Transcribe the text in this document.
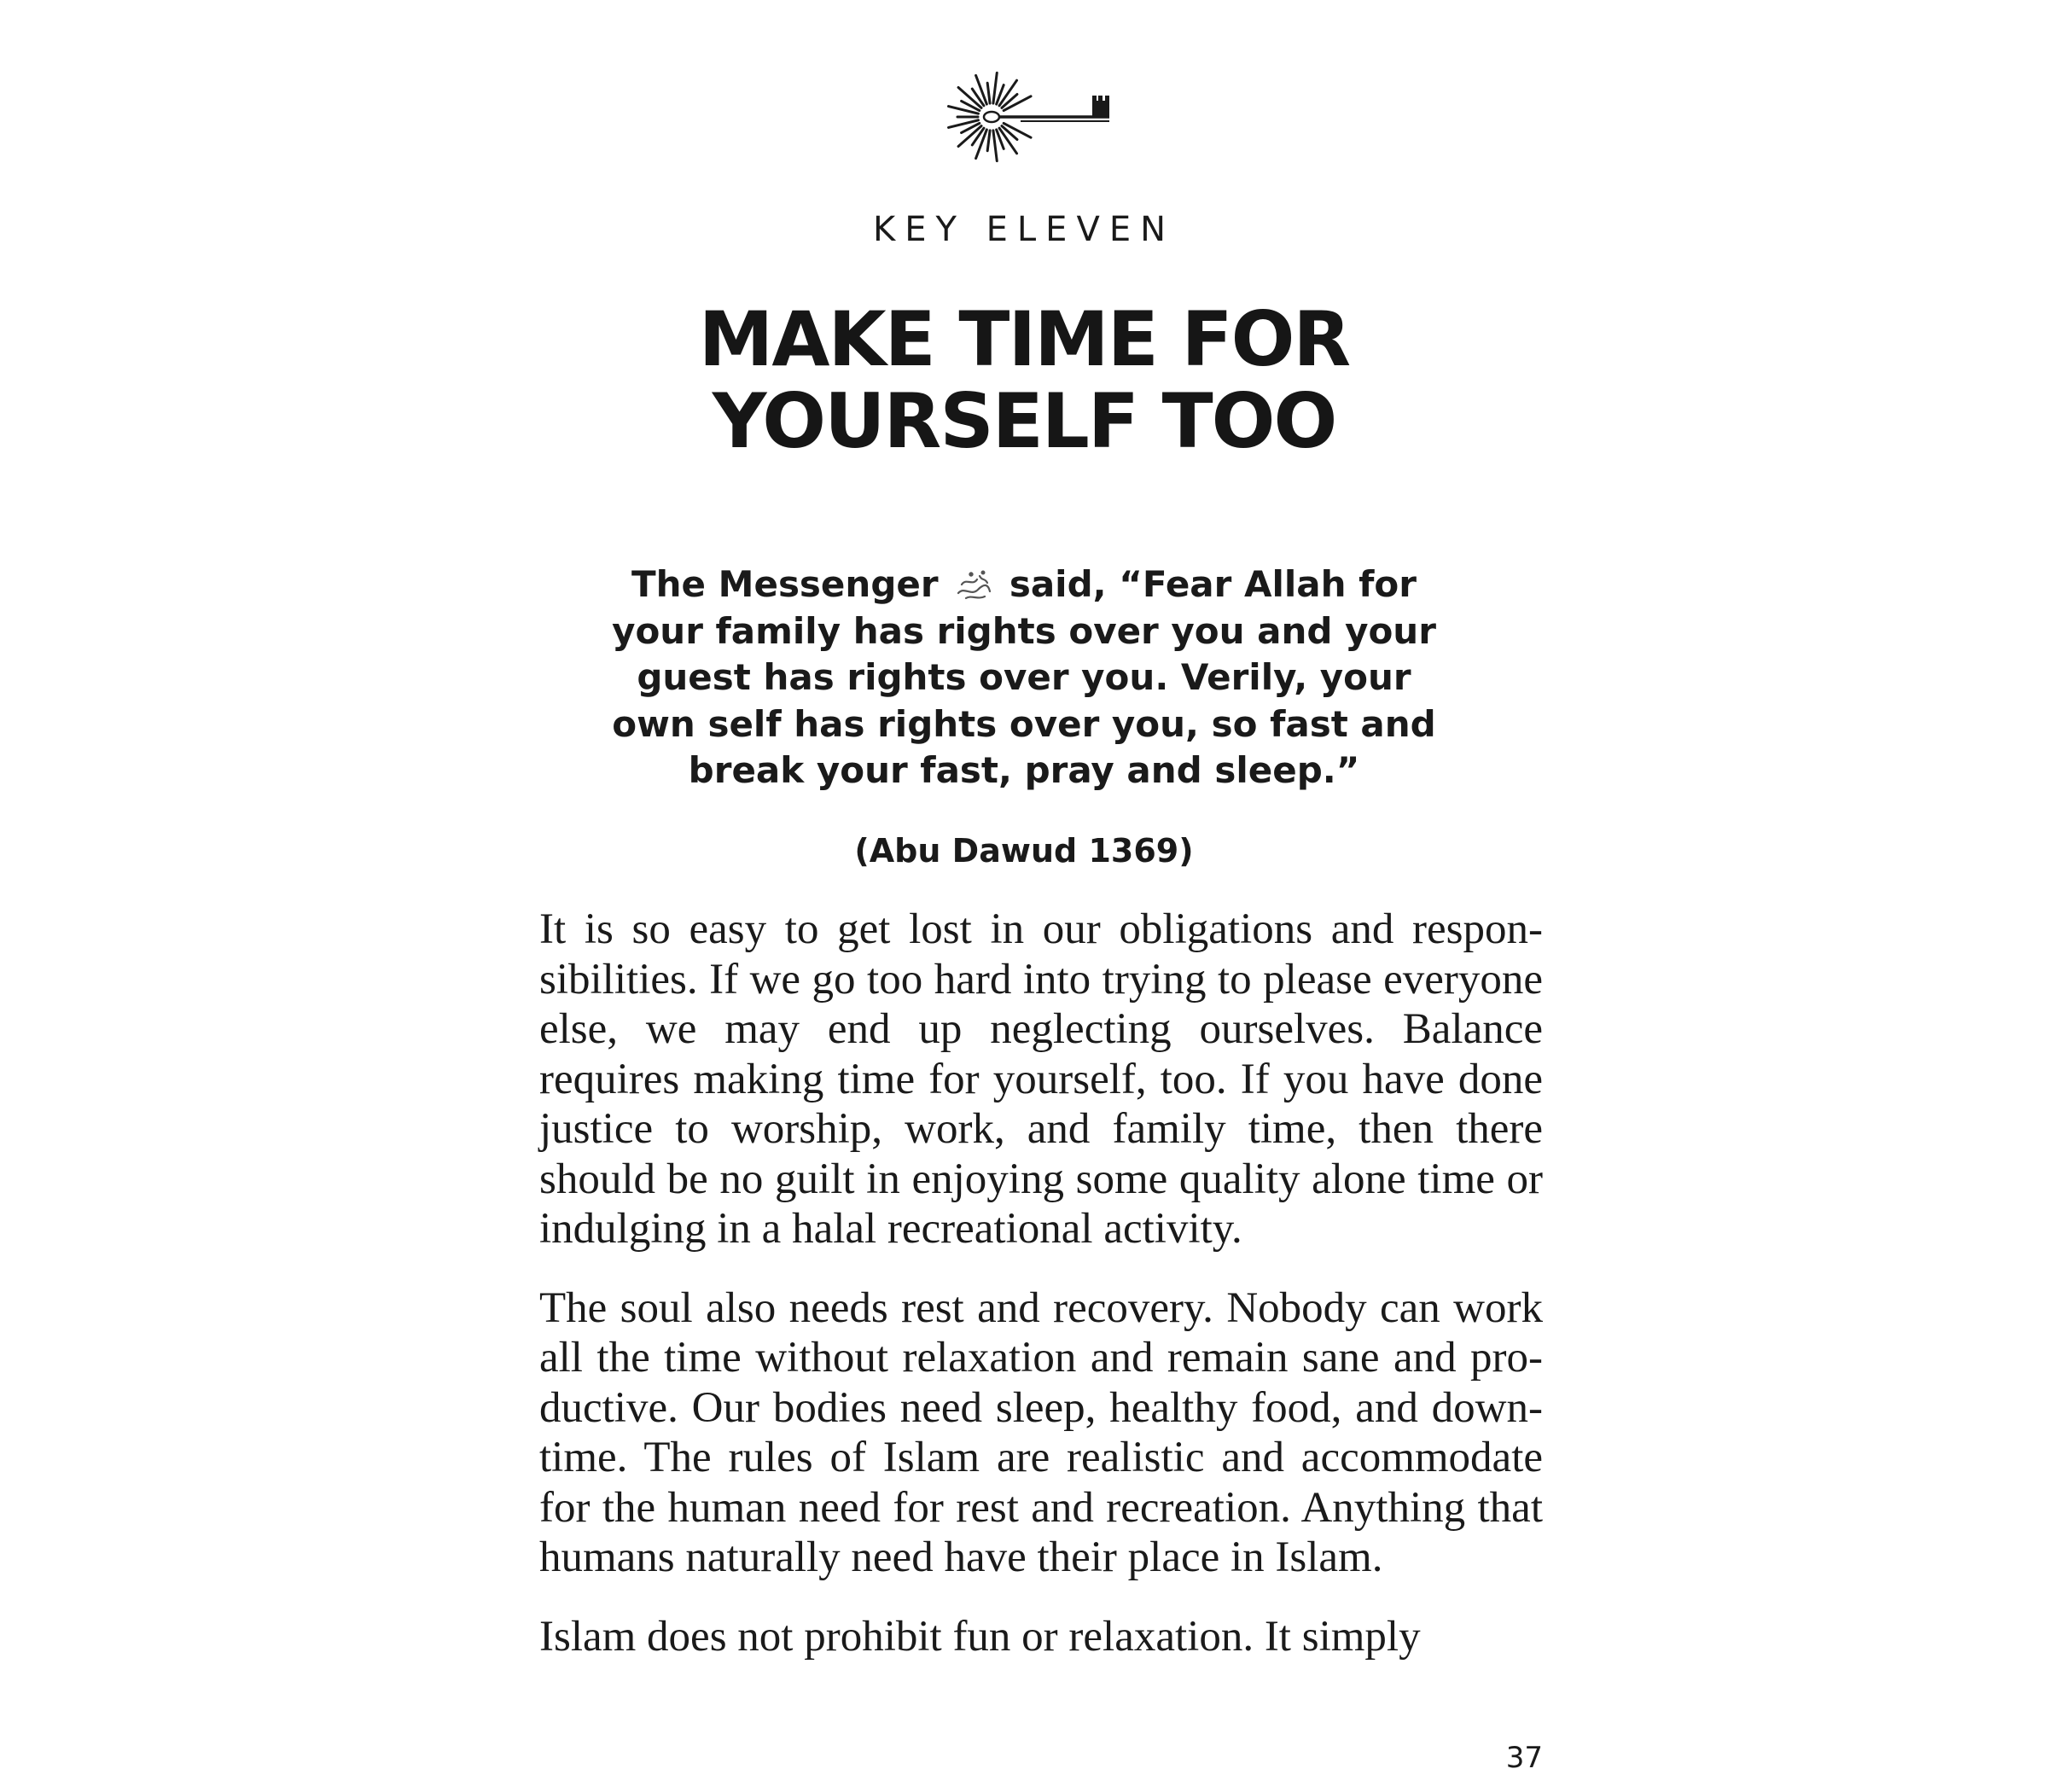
KEY ELEVEN
MAKE TIME FOR
YOURSELF TOO

The Messenger said, “Fear Allah for your family has rights over you and your guest has rights over you. Verily, your own self has rights over you, so fast and break your fast, pray and sleep.”

(Abu Dawud 1369)

It is so easy to get lost in our obligations and responsibilities. If we go too hard into trying to please everyone else, we may end up neglecting ourselves. Balance requires making time for yourself, too. If you have done justice to worship, work, and family time, then there should be no guilt in enjoying some quality alone time or indulging in a halal recreational activity.

The soul also needs rest and recovery. Nobody can work all the time without relaxation and remain sane and productive. Our bodies need sleep, healthy food, and downtime. The rules of Islam are realistic and accommodate for the human need for rest and recreation. Anything that humans naturally need have their place in Islam.

Islam does not prohibit fun or relaxation. It simply

37
